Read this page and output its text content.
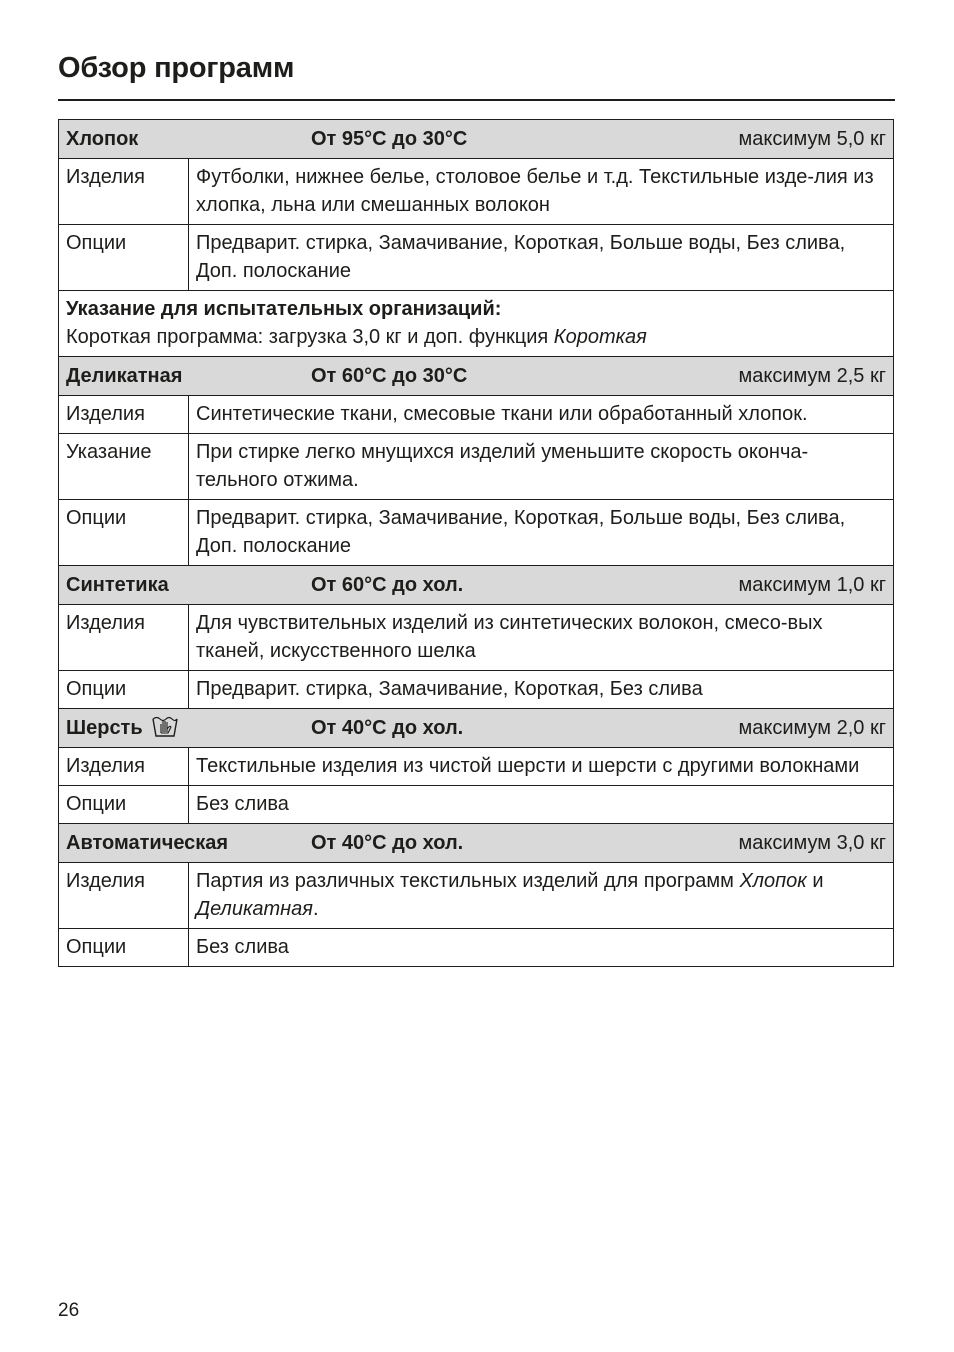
Обзор программ
Хлопок От 95°C до 30°C максимум 5,0 кг	

Изделия	Футболки, нижнее белье, столовое белье и т.д. Текстильные изде-лия из хлопка, льна или смешанных волокон
Опции	Предварит. стирка, Замачивание, Короткая, Больше воды, Без слива, Доп. полоскание

Указание для испытательных организаций:
Короткая программа: загрузка 3,0 кг и доп. функция Короткая	

Деликатная От 60°C до 30°C максимум 2,5 кг	

Изделия	Синтетические ткани, смесовые ткани или обработанный хлопок.
Указание	При стирке легко мнущихся изделий уменьшите скорость оконча-тельного отжима.
Опции	Предварит. стирка, Замачивание, Короткая, Больше воды, Без слива, Доп. полоскание

Синтетика От 60°C до хол. максимум 1,0 кг	

Изделия	Для чувствительных изделий из синтетических волокон, смесо-вых тканей, искусственного шелка
Опции	Предварит. стирка, Замачивание, Короткая, Без слива

Шерсть От 40°C до хол. максимум 2,0 кг	

Изделия	Текстильные изделия из чистой шерсти и шерсти с другими волокнами
Опции	Без слива

Автоматическая От 40°C до хол. максимум 3,0 кг	

Изделия	Партия из различных текстильных изделий для программ Хлопок и Деликатная.
Опции	Без слива
26
